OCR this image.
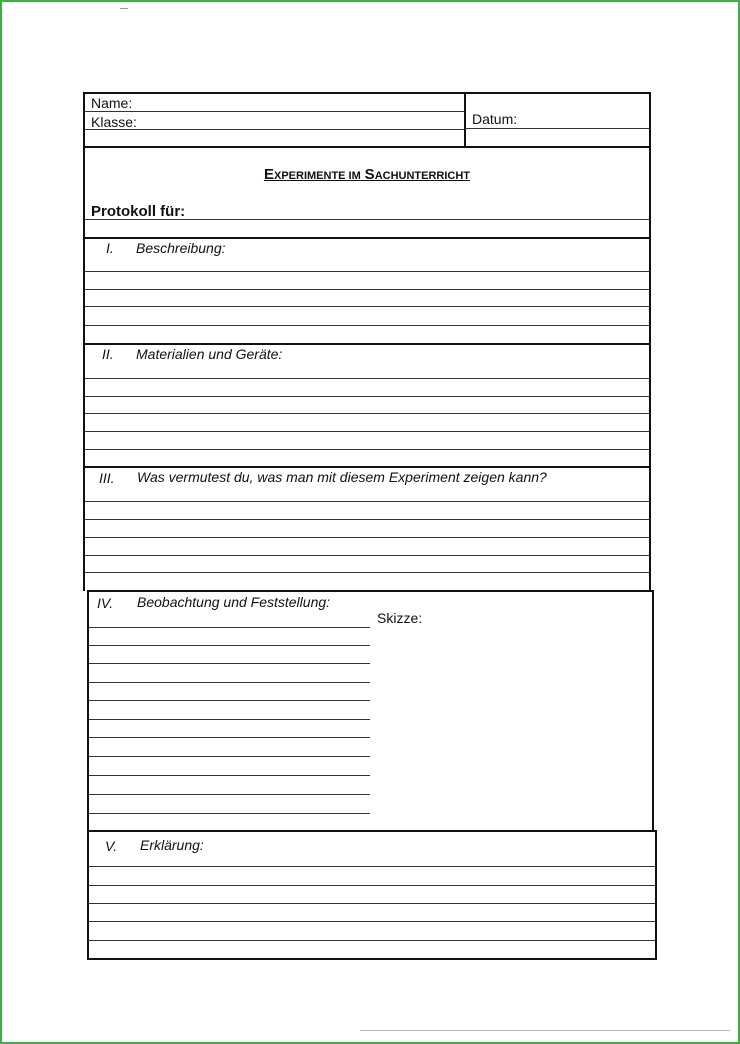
Name:
Klasse:	Datum:
EXPERIMENTE IM SACHUNTERRICHT
Protokoll für:
I. Beschreibung:
II. Materialien und Geräte:
III. Was vermutest du, was man mit diesem Experiment zeigen kann?
IV. Beobachtung und Feststellung:
Skizze:
V. Erklärung:
